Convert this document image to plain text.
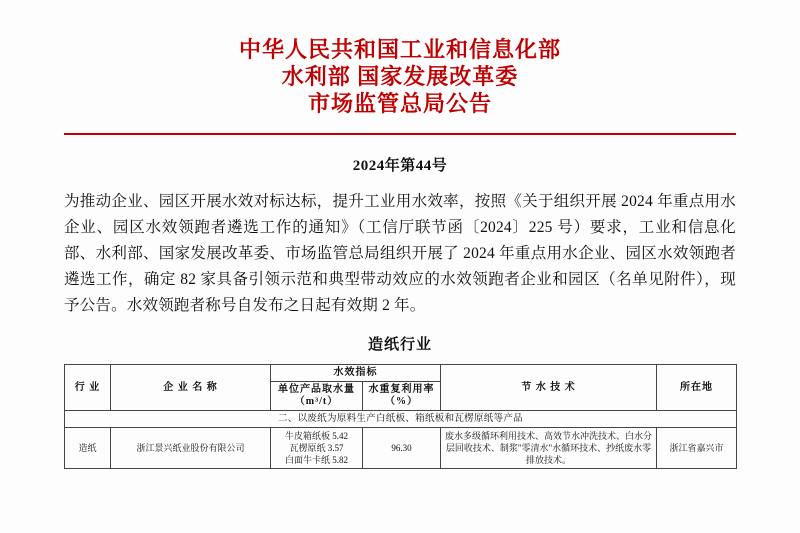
中华人民共和国工业和信息化部
水利部 国家发展改革委
市场监管总局公告
2024年第44号
为推动企业、园区开展水效对标达标，提升工业用水效率，按照《关于组织开展 2024 年重点用水企业、园区水效领跑者遴选工作的通知》（工信厅联节函〔2024〕225 号）要求，工业和信息化部、水利部、国家发展改革委、市场监管总局组织开展了 2024 年重点用水企业、园区水效领跑者遴选工作，确定 82 家具备引领示范和典型带动效应的水效领跑者企业和园区（名单见附件），现予公告。水效领跑者称号自发布之日起有效期 2 年。
造纸行业
行 业	企 业 名 称	水效指标		节 水 技 术	所在地
		单位产品取水量 （m³/t）	水重复利用率 （%）		
二、以废纸为原料生产白纸板、箱纸板和瓦楞原纸等产品					
造纸	浙江景兴纸业股份有限公司	牛皮箱纸板 5.42
瓦楞原纸 3.57
白面牛卡纸 5.82	96.30	废水多级循环利用技术、高效节水冲洗技术、白水分层回收技术、制浆"零清水"水循环技术、抄纸废水零排放技术。	浙江省嘉兴市
